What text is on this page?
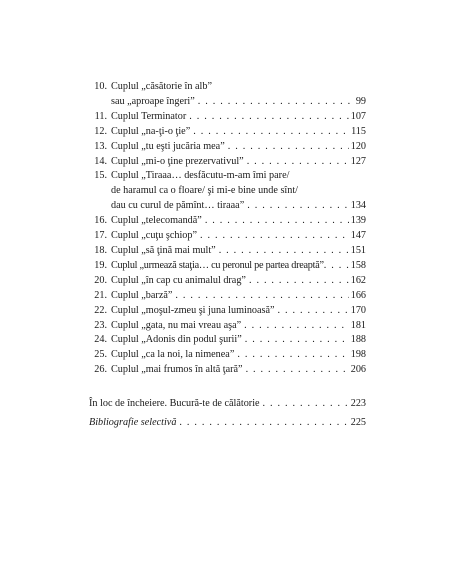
10. Cuplul „căsătorie în alb”
sau „aproape îngeri” . . .	99
11. Cuplul Terminator . . .	107
12. Cuplul „na-ţi-o ţie” . . .	115
13. Cuplul „tu eşti jucăria mea” . . .	120
14. Cuplul „mi-o ţine prezervativul” . . .	127
15. Cuplul „Tiraaa… desfăcutu-m-am îmi pare/
de haramul ca o floare/ şi mi-e bine unde sînt/
dau cu curul de pămînt… tiraaa” . . .	134
16. Cuplul „telecomandă” . . .	139
17. Cuplul „cuţu şchiop” . . .	147
18. Cuplul „să ţină mai mult” . . .	151
19. Cuplul „urmează staţia… cu peronul pe partea dreaptă” . . .	158
20. Cuplul „în cap cu animalul drag” . . .	162
21. Cuplul „barză” . . .	166
22. Cuplul „moşul-zmeu şi juna luminoasă” . . .	170
23. Cuplul „gata, nu mai vreau aşa” . . .	181
24. Cuplul „Adonis din podul şurii” . . .	188
25. Cuplul „ca la noi, la nimenea” . . .	198
26. Cuplul „mai frumos în altă ţară” . . .	206
În loc de încheiere. Bucură-te de călătorie . . .	223
Bibliografie selectivă . . .	225
